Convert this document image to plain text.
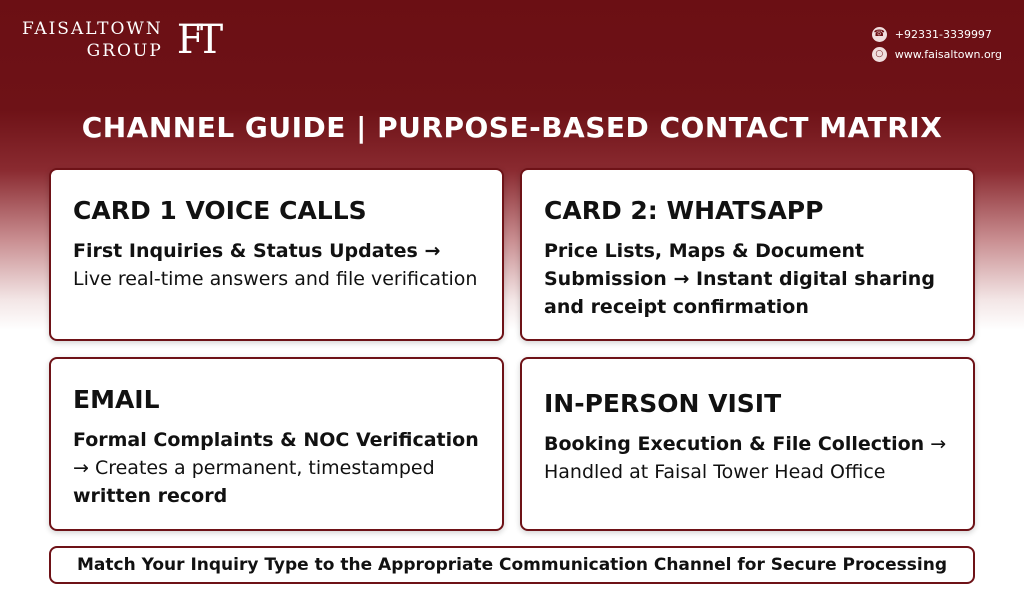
FAISALTOWN
GROUP FT	☎ +92331-3339997
○	www.faisaltown.org
CHANNEL GUIDE | PURPOSE-BASED CONTACT MATRIX
CARD 1 VOICE CALLS

First Inquiries & Status Updates → Live real-time answers and file verification

CARD 2: WHATSAPP

Price Lists, Maps & Document Submission → Instant digital sharing and receipt confirmation

EMAIL

Formal Complaints & NOC Verification → Creates a permanent, timestamped written record

IN-PERSON VISIT

Booking Execution & File Collection → Handled at Faisal Tower Head Office

Match Your Inquiry Type to the Appropriate Communication Channel for Secure Processing
